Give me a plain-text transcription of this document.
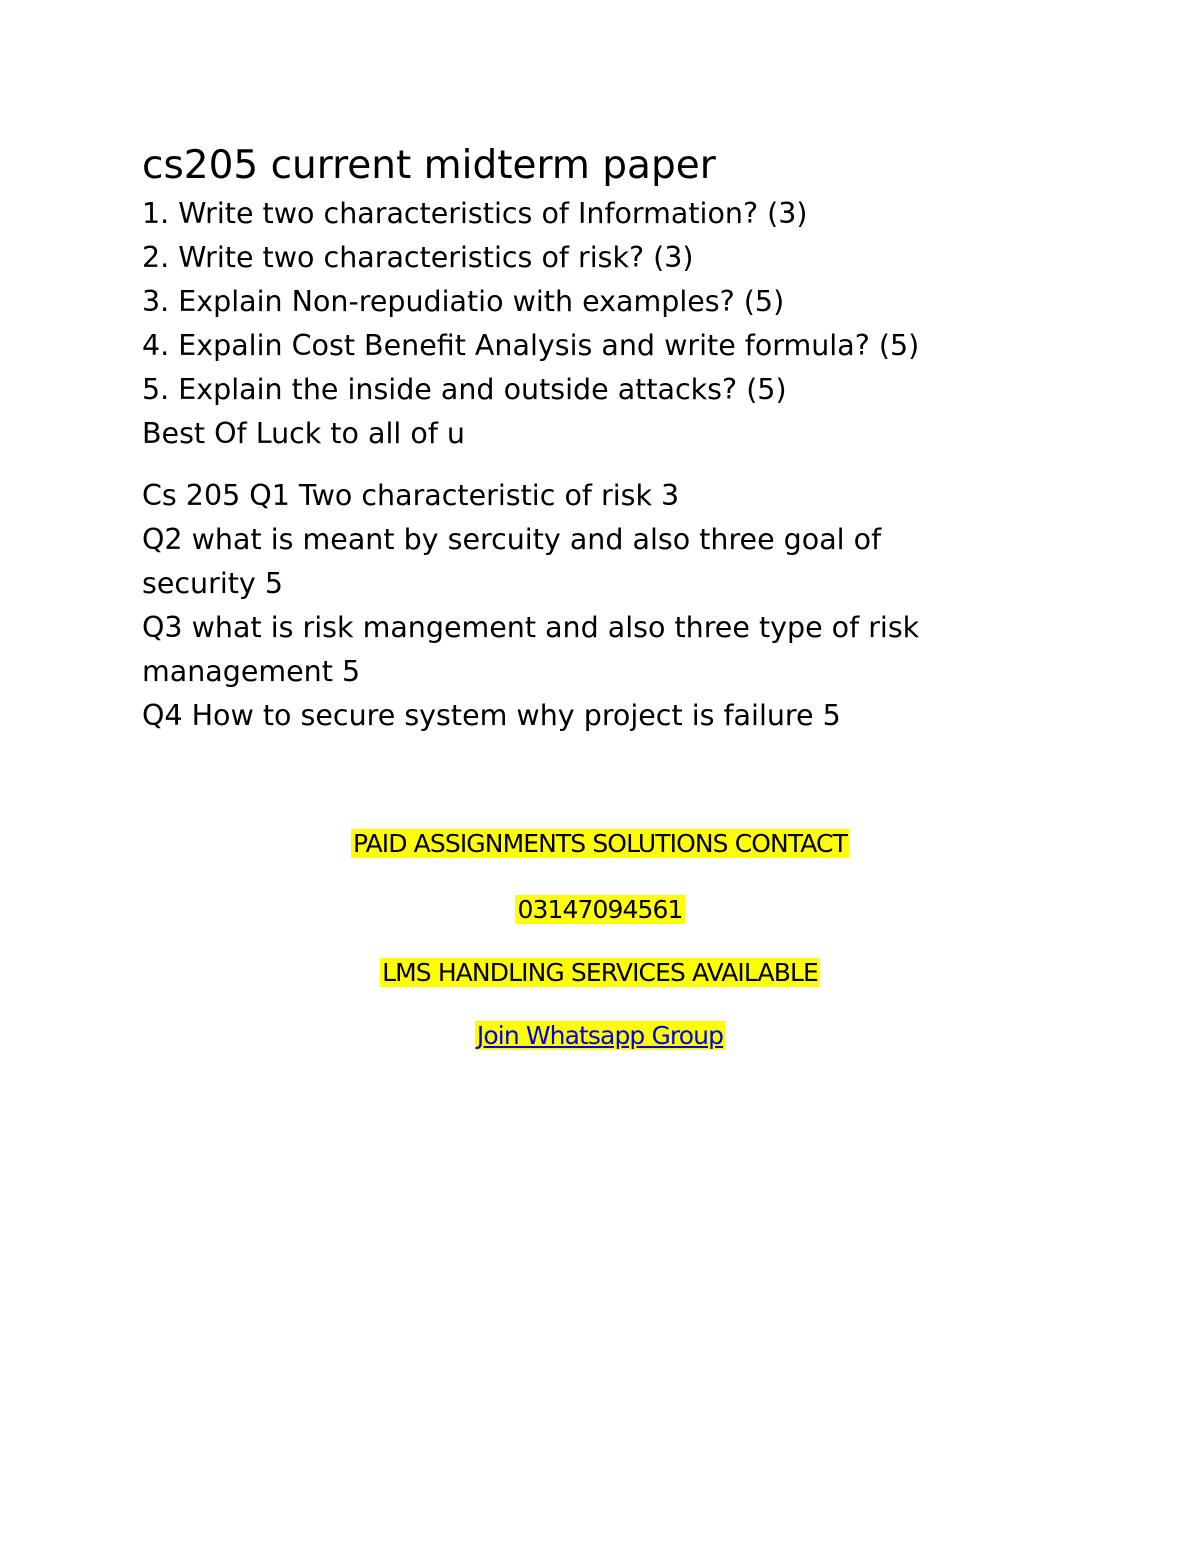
cs205 current midterm paper

1. Write two characteristics of Information? (3)

2. Write two characteristics of risk? (3)

3. Explain Non-repudiatio with examples? (5)

4. Expalin Cost Benefit Analysis and write formula? (5)

5. Explain the inside and outside attacks? (5)

Best Of Luck to all of u

Cs 205 Q1 Two characteristic of risk 3

Q2 what is meant by sercuity and also three goal of

security 5

Q3 what is risk mangement and also three type of risk

management 5

Q4 How to secure system why project is failure 5

PAID ASSIGNMENTS SOLUTIONS CONTACT
03147094561
LMS HANDLING SERVICES AVAILABLE
Join Whatsapp Group
